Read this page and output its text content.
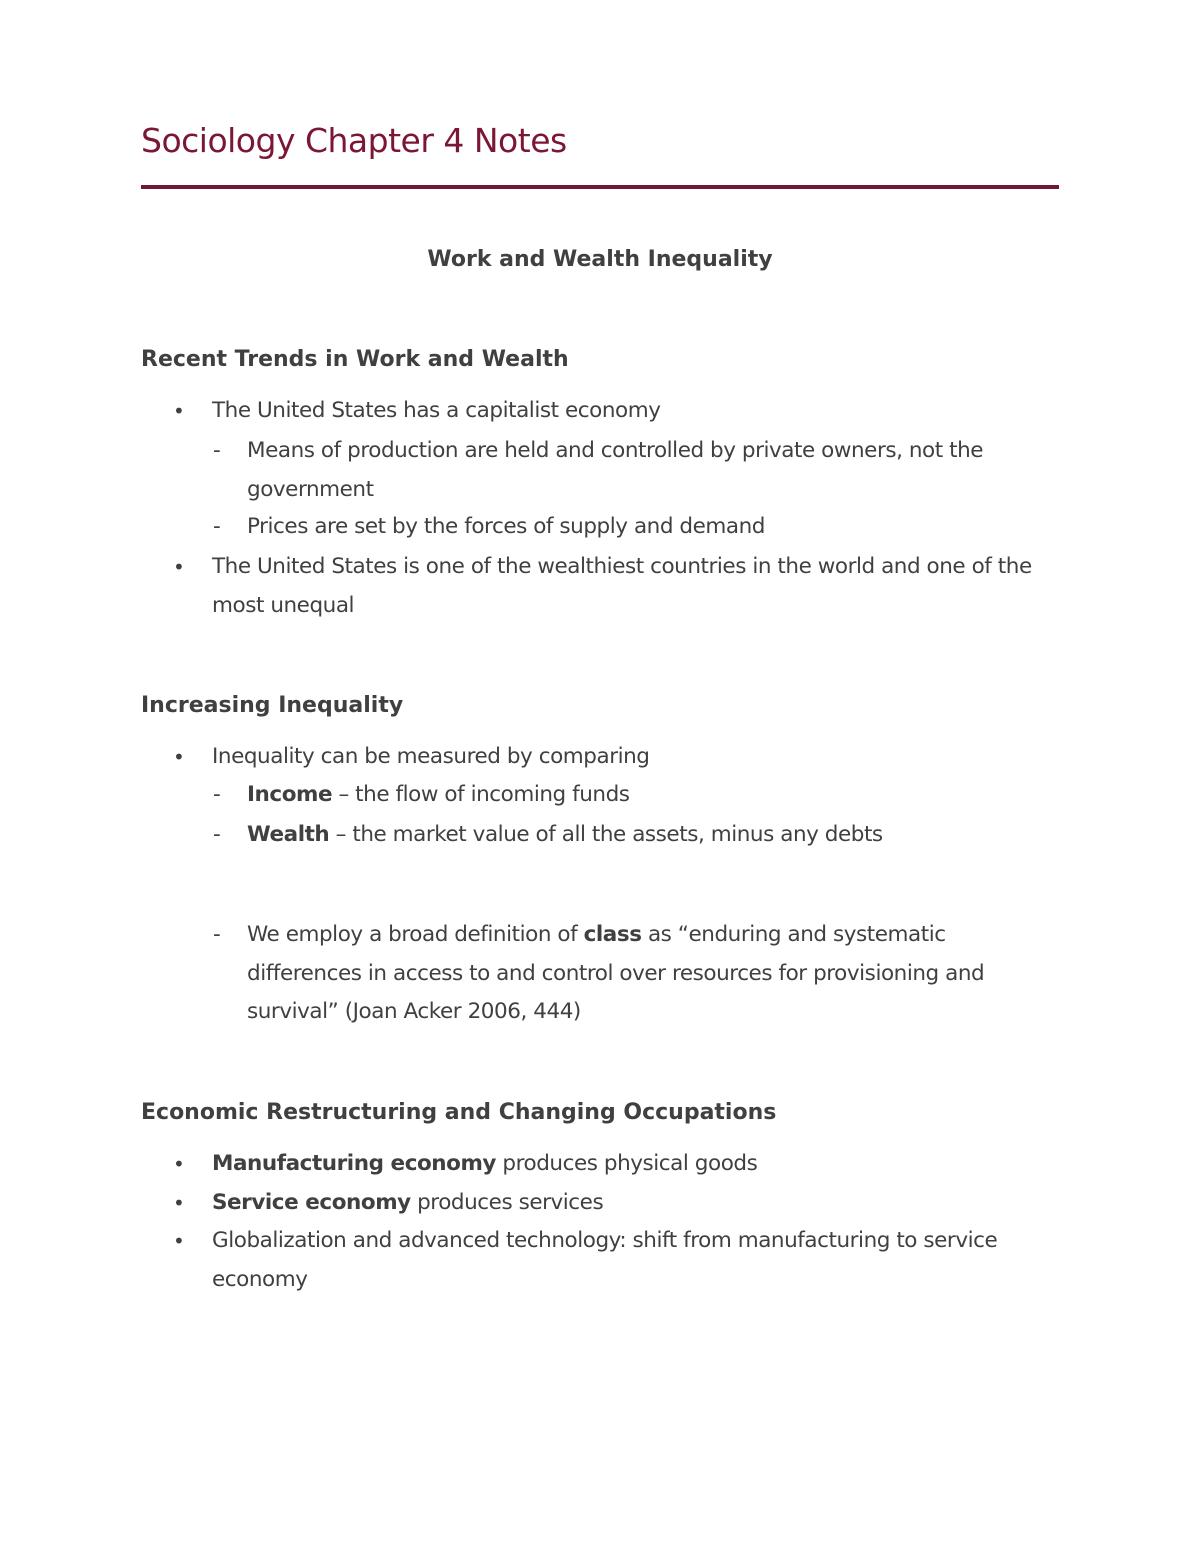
Sociology Chapter 4 Notes
Work and Wealth Inequality
Recent Trends in Work and Wealth
• The United States has a capitalist economy
- Means of production are held and controlled by private owners, not the government
- Prices are set by the forces of supply and demand
• The United States is one of the wealthiest countries in the world and one of the most unequal
Increasing Inequality
• Inequality can be measured by comparing
- Income – the flow of incoming funds
- Wealth – the market value of all the assets, minus any debts
- We employ a broad definition of class as “enduring and systematic differences in access to and control over resources for provisioning and survival” (Joan Acker 2006, 444)
Economic Restructuring and Changing Occupations
• Manufacturing economy produces physical goods
• Service economy produces services
• Globalization and advanced technology: shift from manufacturing to service economy
